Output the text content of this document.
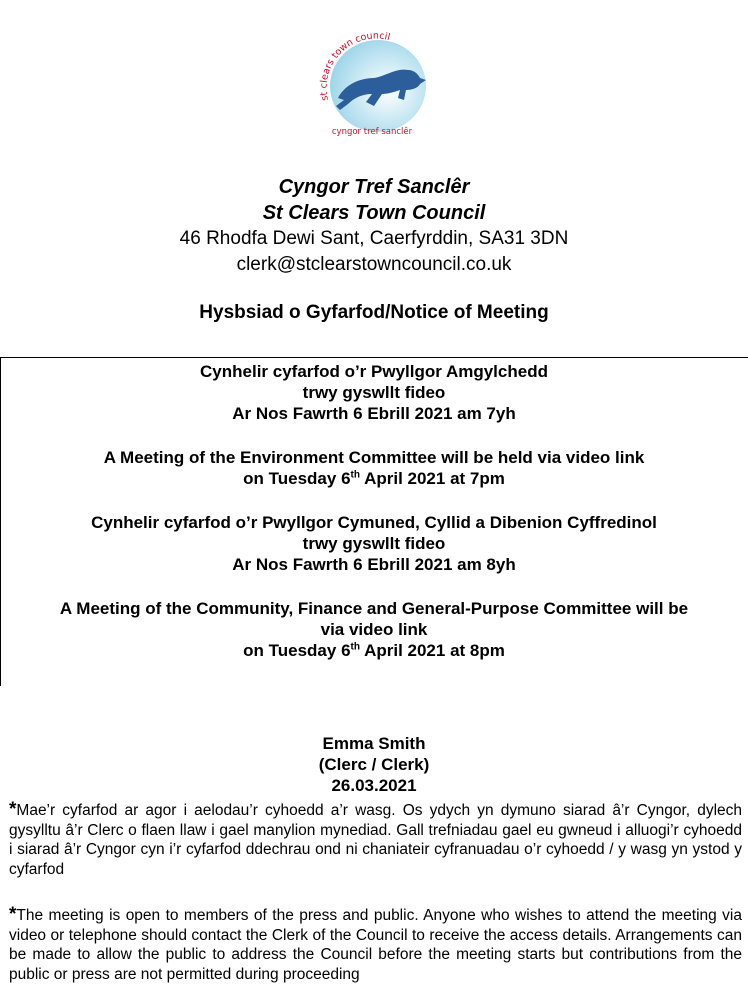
st clears town council
cyngor tref sanclêr
Cyngor Tref Sanclêr
St Clears Town Council
46 Rhodfa Dewi Sant, Caerfyrddin, SA31 3DN
clerk@stclearstowncouncil.co.uk
Hysbsiad o Gyfarfod/Notice of Meeting
Cynhelir cyfarfod o’r Pwyllgor Amgylchedd
trwy gyswllt fideo
Ar Nos Fawrth 6 Ebrill 2021 am 7yh
A Meeting of the Environment Committee will be held via video link
on Tuesday 6th April 2021 at 7pm
Cynhelir cyfarfod o’r Pwyllgor Cymuned, Cyllid a Dibenion Cyffredinol
trwy gyswllt fideo
Ar Nos Fawrth 6 Ebrill 2021 am 8yh
A Meeting of the Community, Finance and General-Purpose Committee will be
via video link
on Tuesday 6th April 2021 at 8pm
Emma Smith
(Clerc / Clerk)
26.03.2021
*Mae’r cyfarfod ar agor i aelodau’r cyhoedd a’r wasg. Os ydych yn dymuno siarad â’r Cyngor, dylech gysylltu â’r Clerc o flaen llaw i gael manylion mynediad. Gall trefniadau gael eu gwneud i alluogi’r cyhoedd i siarad â’r Cyngor cyn i’r cyfarfod ddechrau ond ni chaniateir cyfranuadau o’r cyhoedd / y wasg yn ystod y cyfarfod
*The meeting is open to members of the press and public. Anyone who wishes to attend the meeting via video or telephone should contact the Clerk of the Council to receive the access details. Arrangements can be made to allow the public to address the Council before the meeting starts but contributions from the public or press are not permitted during proceeding
